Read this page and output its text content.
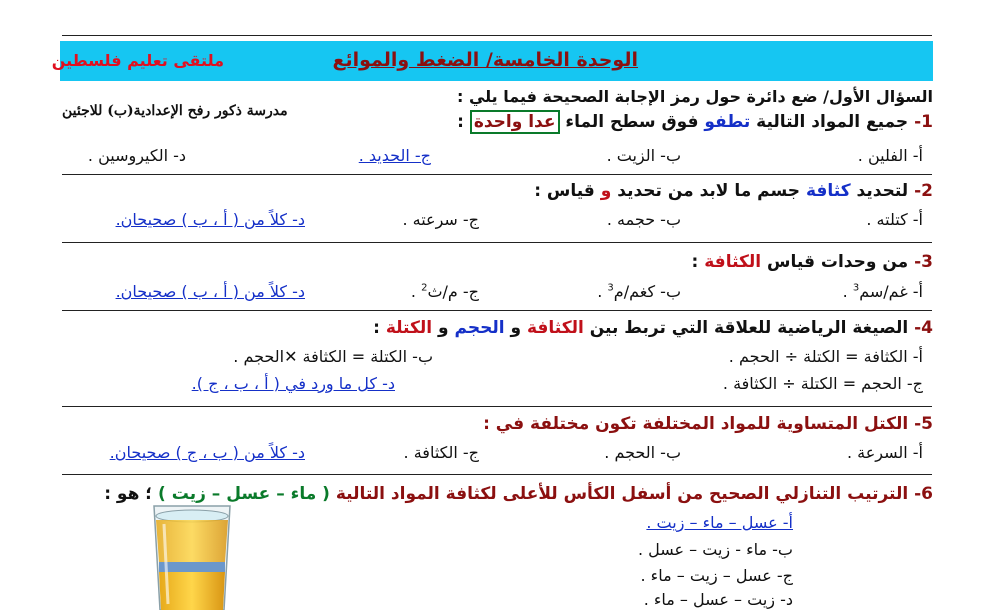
الوحدة الخامسة/ الضغط والموائع
ملتقى تعليم فلسطين
السؤال الأول/ ضع دائرة حول رمز الإجابة الصحيحة فيما يلي :
مدرسة ذكور رفح الإعدادية(ب) للاجئين
1- جميع المواد التالية تطفو فوق سطح الماء عدا واحدة :
أ- الفلين .
ب- الزيت .
ج- الحديد .
د- الكيروسين .
2- لتحديد كثافة جسم ما لابد من تحديد و قياس :
أ- كتلته .
ب- حجمه .
ج- سرعته .
د- كلاً من ( أ ، ب ) صحيحان.
3- من وحدات قياس الكثافة :
أ- غم/سم$^3$ .
ب- كغم/م$^3$ .
ج- م/ث$^2$ .
د- كلاً من ( أ ، ب ) صحيحان.
4- الصيغة الرياضية للعلاقة التي تربط بين الكثافة و الحجم و الكتلة :
أ- الكثافة = الكتلة ÷ الحجم .
ب- الكتلة = الكثافة ✕الحجم .
ج- الحجم = الكتلة ÷ الكثافة .
د- كل ما ورد في ( أ ، ب ، ج ).
5- الكتل المتساوية للمواد المختلفة تكون مختلفة في :
أ- السرعة .
ب- الحجم .
ج- الكثافة .
د- كلاً من ( ب ، ج ) صحيحان.
6- الترتيب التنازلي الصحيح من أسفل الكأس للأعلى لكثافة المواد التالية ( ماء – عسل – زيت ) ؛ هو :
أ- عسل – ماء – زيت .
ب- ماء - زيت – عسل .
ج- عسل – زيت – ماء .
د- زيت – عسل – ماء .
